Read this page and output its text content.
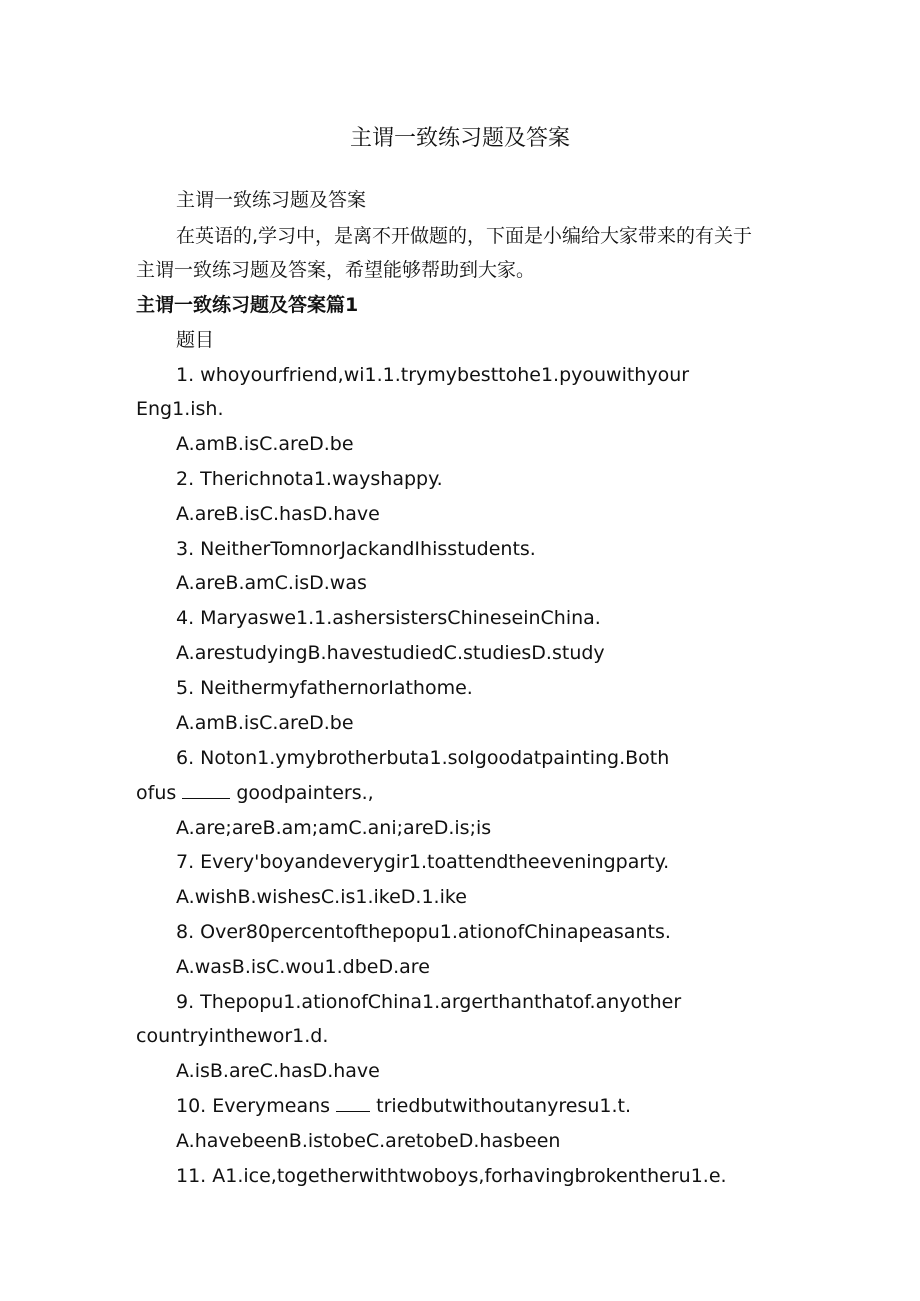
主谓一致练习题及答案
主谓一致练习题及答案
在英语的,学习中，是离不开做题的，下面是小编给大家带来的有关于
主谓一致练习题及答案，希望能够帮助到大家。
主谓一致练习题及答案篇1
题目
1. whoyourfriend,wi1.1.trymybesttohe1.pyouwithyour
Eng1.ish.
A.amB.isC.areD.be
2. Therichnota1.wayshappy.
A.areB.isC.hasD.have
3. NeitherTomnorJackandIhisstudents.
A.areB.amC.isD.was
4. Maryaswe1.1.ashersistersChineseinChina.
A.arestudyingB.havestudiedC.studiesD.study
5. NeithermyfathernorIathome.
A.amB.isC.areD.be
6. Noton1.ymybrotherbuta1.soIgoodatpainting.Both
ofus	goodpainters.,
A.are;areB.am;amC.ani;areD.is;is
7. Every'boyandeverygir1.toattendtheeveningparty.
A.wishB.wishesC.is1.ikeD.1.ike
8. Over80percentofthepopu1.ationofChinapeasants.
A.wasB.isC.wou1.dbeD.are
9. Thepopu1.ationofChina1.argerthanthatof.anyother
countryinthewor1.d.
A.isB.areC.hasD.have
10. Everymeans triedbutwithoutanyresu1.t.
A.havebeenB.istobeC.aretobeD.hasbeen
11. A1.ice,togetherwithtwoboys,forhavingbrokentheru1.e.
